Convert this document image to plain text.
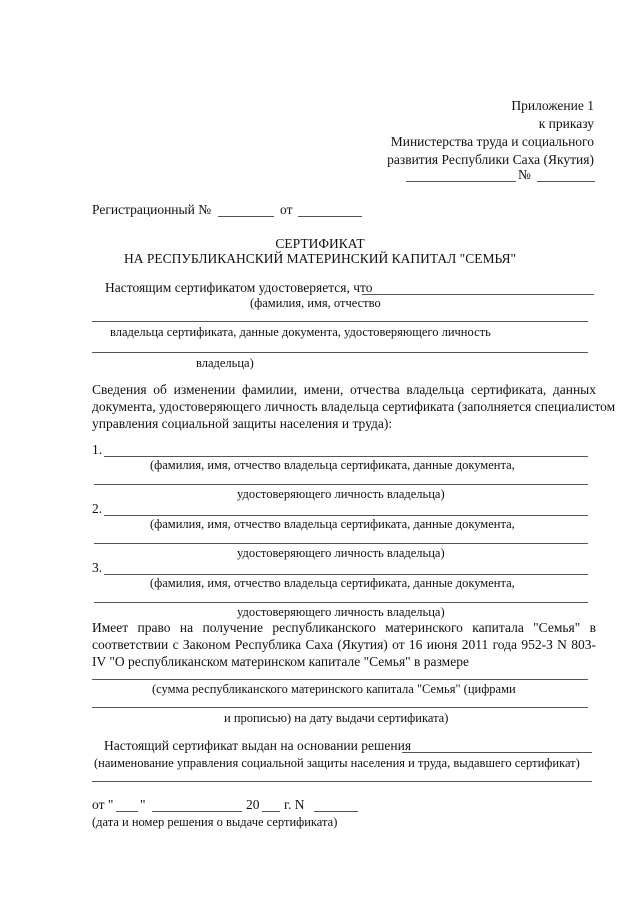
Приложение 1
к приказу
Министерства труда и социального
развития Республики Саха (Якутия)
№
Регистрационный №	от
СЕРТИФИКАТ
НА РЕСПУБЛИКАНСКИЙ МАТЕРИНСКИЙ КАПИТАЛ "СЕМЬЯ"
Настоящим сертификатом удостоверяется, что
(фамилия, имя, отчество
владельца сертификата, данные документа, удостоверяющего личность
владельца)
Сведения об изменении фамилии, имени, отчества владельца сертификата, данных
документа, удостоверяющего личность владельца сертификата (заполняется специалистом
управления социальной защиты населения и труда):
1.
(фамилия, имя, отчество владельца сертификата, данные документа,
удостоверяющего личность владельца)
2.
(фамилия, имя, отчество владельца сертификата, данные документа,
удостоверяющего личность владельца)
3.
(фамилия, имя, отчество владельца сертификата, данные документа,
удостоверяющего личность владельца)
Имеет право на получение республиканского материнского капитала "Семья" в
соответствии с Законом Республика Саха (Якутия) от 16 июня 2011 года 952-З N 803-
IV "О республиканском материнском капитале "Семья" в размере
(сумма республиканского материнского капитала "Семья" (цифрами
и прописью) на дату выдачи сертификата)
Настоящий сертификат выдан на основании решения
(наименование управления социальной защиты населения и труда, выдавшего сертификат)
от " "	20 г. N
(дата и номер решения о выдаче сертификата)
